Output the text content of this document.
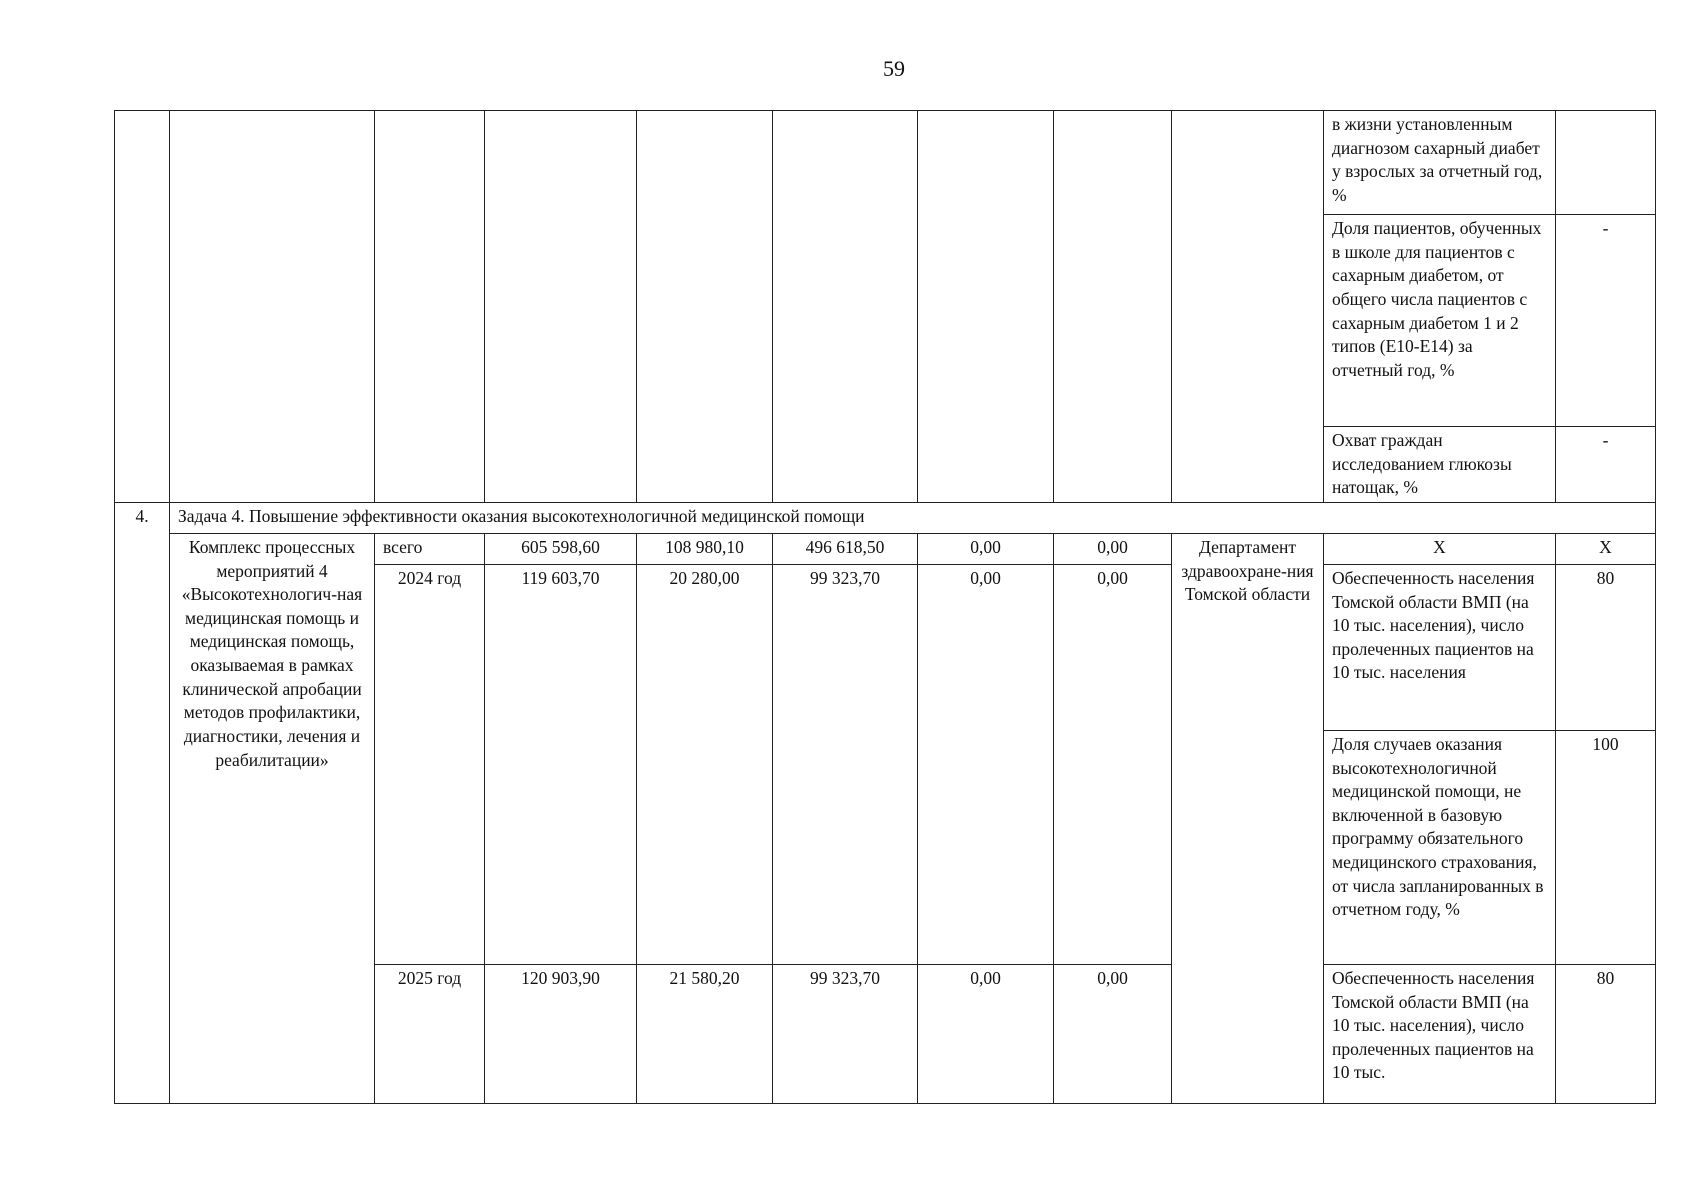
59
									в жизни установленным диагнозом сахарный диабет у взрослых за отчетный год, %	
									Доля пациентов, обученных в школе для пациентов с сахарным диабетом, от общего числа пациентов с сахарным диабетом 1 и 2 типов (Е10-Е14) за отчетный год, %	-
									Охват граждан исследованием глюкозы натощак, %	-
4.	Задача 4. Повышение эффективности оказания высокотехнологичной медицинской помощи									
	Комплекс процессных мероприятий 4 «Высокотехнологич-ная медицинская помощь и медицинская помощь, оказываемая в рамках клинической апробации методов профилактики, диагностики, лечения и реабилитации»	всего	605 598,60	108 980,10	496 618,50	0,00	0,00	Департамент здравоохране-ния Томской области	Х	Х
		2024 год	119 603,70	20 280,00	99 323,70	0,00	0,00		Обеспеченность населения Томской области ВМП (на 10 тыс. населения), число пролеченных пациентов на 10 тыс. населения	80
									Доля случаев оказания высокотехнологичной медицинской помощи, не включенной в базовую программу обязательного медицинского страхования, от числа запланированных в отчетном году, %	100
		2025 год	120 903,90	21 580,20	99 323,70	0,00	0,00		Обеспеченность населения Томской области ВМП (на 10 тыс. населения), число пролеченных пациентов на 10 тыс.	80
